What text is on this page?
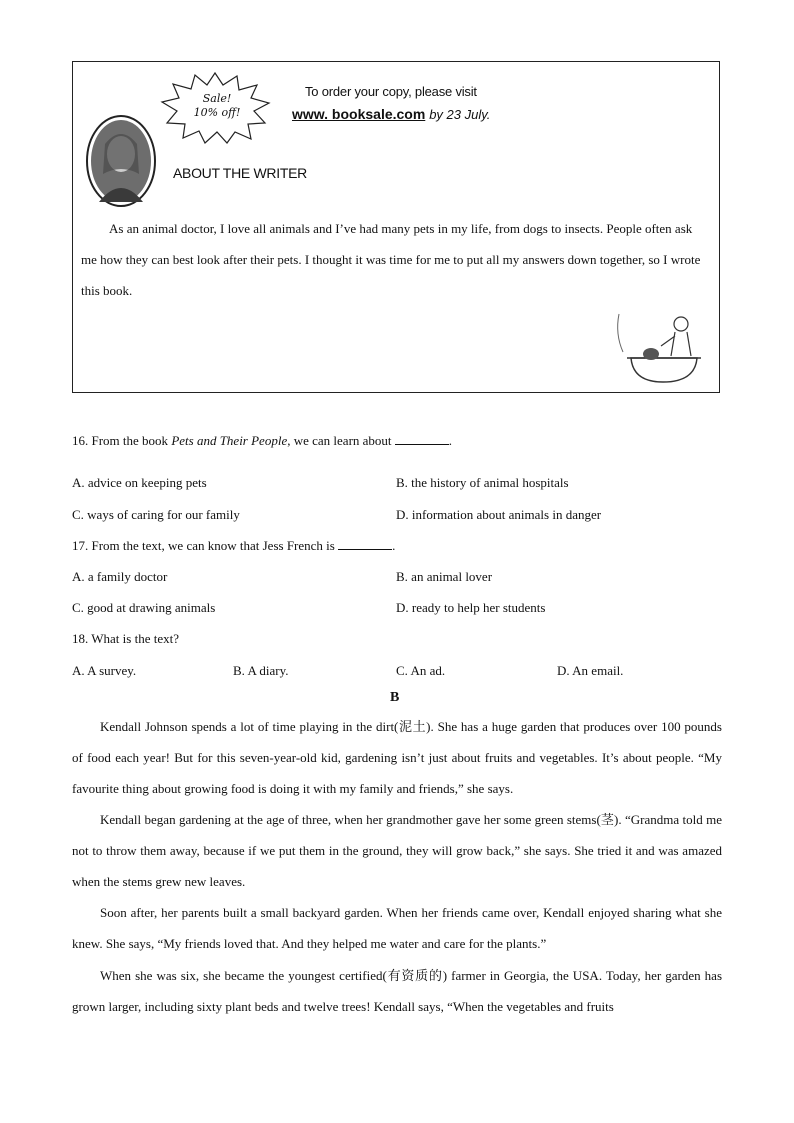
Sale!
10% off!
To order your copy, please visit
www. booksale.com by 23 July.
ABOUT THE WRITER

As an animal doctor, I love all animals and I’ve had many pets in my life, from dogs to insects. People often ask me how they can best look after their pets. I thought it was time for me to put all my answers down together, so I wrote this book.

16. From the book Pets and Their People, we can learn about	.
A. advice on keeping pets	B. the history of animal hospitals
C. ways of caring for our family	D. information about animals in danger
17. From the text, we can know that Jess French is	.
A. a family doctor	B. an animal lover
C. good at drawing animals	D. ready to help her students
18. What is the text?
A. A survey.	B. A diary.	C. An ad.	D. An email.
B

Kendall Johnson spends a lot of time playing in the dirt(泥土). She has a huge garden that produces over 100 pounds of food each year! But for this seven-year-old kid, gardening isn’t just about fruits and vegetables. It’s about people. “My favourite thing about growing food is doing it with my family and friends,” she says.

Kendall began gardening at the age of three, when her grandmother gave her some green stems(茎). “Grandma told me not to throw them away, because if we put them in the ground, they will grow back,” she says. She tried it and was amazed when the stems grew new leaves.

Soon after, her parents built a small backyard garden. When her friends came over, Kendall enjoyed sharing what she knew. She says, “My friends loved that. And they helped me water and care for the plants.”

When she was six, she became the youngest certified(有资质的) farmer in Georgia, the USA. Today, her garden has grown larger, including sixty plant beds and twelve trees! Kendall says, “When the vegetables and fruits
